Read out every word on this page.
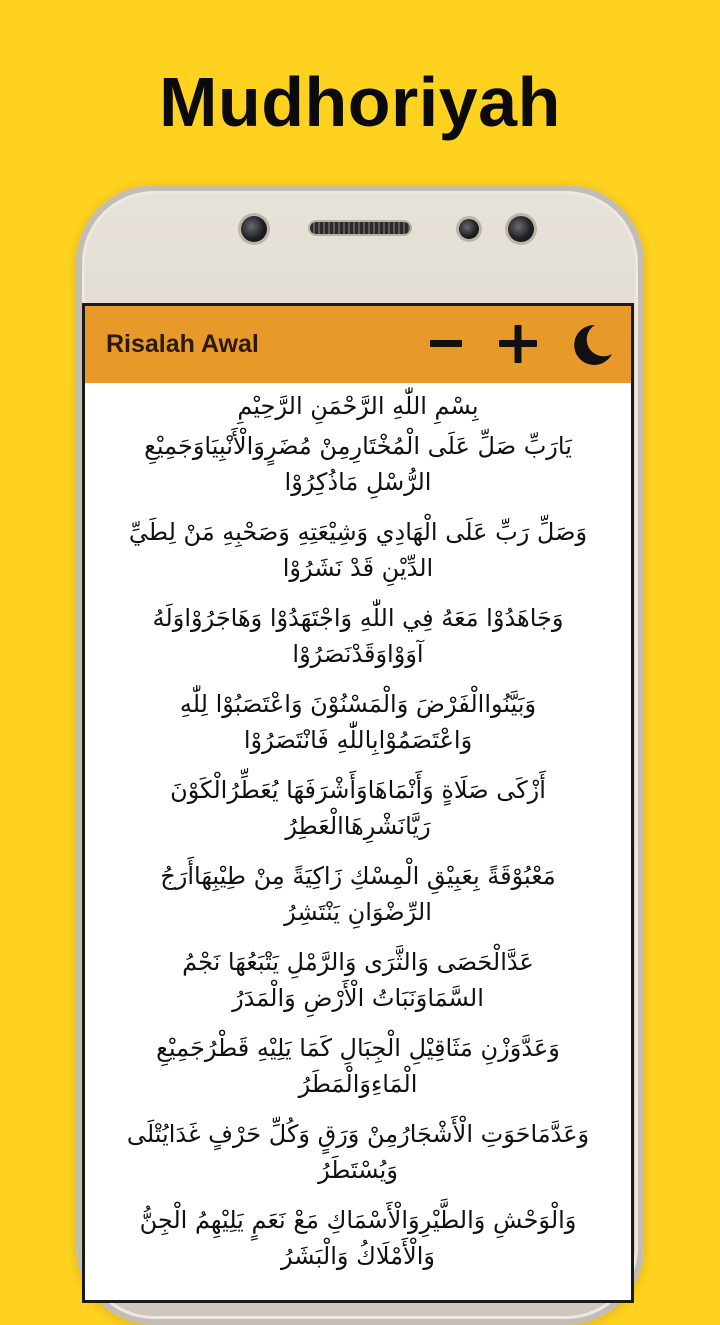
Mudhoriyah
Risalah Awal
بِسْمِ اللّٰهِ الرَّحْمَنِ الرَّحِيْمِ
يَارَبِّ صَلِّ عَلَى الْمُخْتَارِمِنْ مُضَرٍوَالْأَنْبِيَاوَجَمِيْعِ
الرُّسْلِ مَاذُكِرُوْا
وَصَلِّ رَبِّ عَلَى الْهَادِي وَشِيْعَتِهِ وَصَحْبِهِ مَنْ لِطَيِّ
الدِّيْنِ قَدْ نَشَرُوْا
وَجَاهَدُوْا مَعَهُ فِي اللّٰهِ وَاجْتَهَدُوْا وَهَاجَرُوْاوَلَهُ
آوَوْاوَقَدْنَصَرُوْا
وَبَيَّنُواالْفَرْضَ وَالْمَسْنُوْنَ وَاعْتَصَبُوْا لِلّٰهِ
وَاعْتَصَمُوْابِاللّٰهِ فَانْتَصَرُوْا
أَزْكَى صَلَاةٍ وَأَنْمَاهَاوَأَشْرَفَهَا يُعَطِّرُالْكَوْنَ
رَيَّانَشْرِهَاالْعَطِرُ
مَعْبُوْقَةً بِعَبِيْقِ الْمِسْكِ زَاكِيَةً مِنْ طِيْبِهَاأَرَجُ
الرِّضْوَانِ يَنْتَشِرُ
عَدَّالْحَصَى وَالثَّرَى وَالرَّمْلِ يَتْبَعُهَا نَجْمُ
السَّمَاوَنَبَاتُ الْأَرْضِ وَالْمَدَرُ
وَعَدَّوَزْنِ مَثَاقِيْلِ الْجِبَالِ كَمَا يَلِيْهِ قَطْرُجَمِيْعِ
الْمَاءِوَالْمَطَرُ
وَعَدَّمَاحَوَتِ الْأَشْجَارُمِنْ وَرَقٍ وَكُلِّ حَرْفٍ غَدَايُتْلَى
وَيُسْتَطَرُ
وَالْوَحْشِ وَالطَّيْرِوَالْأَسْمَاكِ مَعْ نَعَمٍ يَلِيْهِمُ الْجِنُّ
وَالْأَمْلَاكُ وَالْبَشَرُ
